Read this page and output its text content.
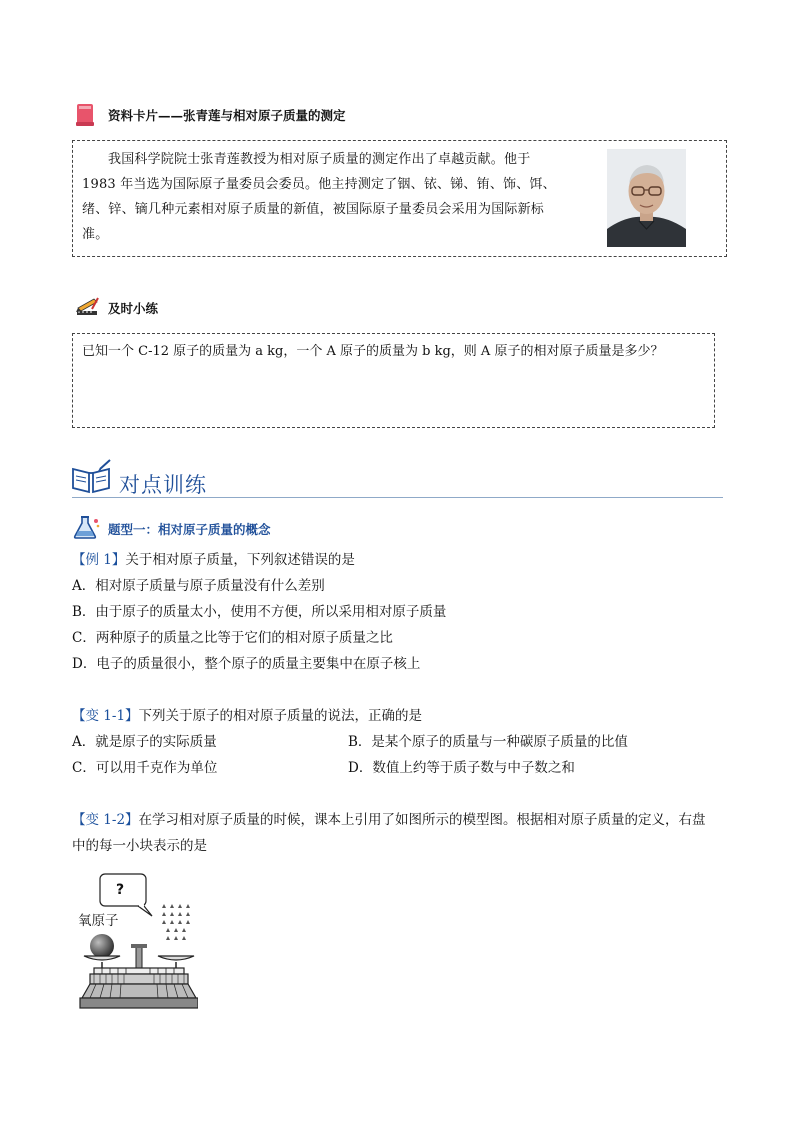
资料卡片——张青莲与相对原子质量的测定
我国科学院院士张青莲教授为相对原子质量的测定作出了卓越贡献。他于
1983 年当选为国际原子量委员会委员。他主持测定了铟、铱、锑、铕、饰、饵、
绪、锌、镝几种元素相对原子质量的新值，被国际原子量委员会采用为国际新标
准。
及时小练
已知一个 C-12 原子的质量为 a kg，一个 A 原子的质量为 b kg，则 A 原子的相对原子质量是多少？
对点训练
题型一：相对原子质量的概念
【例 1】关于相对原子质量，下列叙述错误的是
A．相对原子质量与原子质量没有什么差别
B．由于原子的质量太小，使用不方便，所以采用相对原子质量
C．两种原子的质量之比等于它们的相对原子质量之比
D．电子的质量很小，整个原子的质量主要集中在原子核上
【变 1-1】下列关于原子的相对原子质量的说法，正确的是
A．就是原子的实际质量	B．是某个原子的质量与一种碳原子质量的比值
C．可以用千克作为单位	D．数值上约等于质子数与中子数之和
【变 1-2】在学习相对原子质量的时候，课本上引用了如图所示的模型图。根据相对原子质量的定义，右盘
中的每一小块表示的是
?
氧原子
